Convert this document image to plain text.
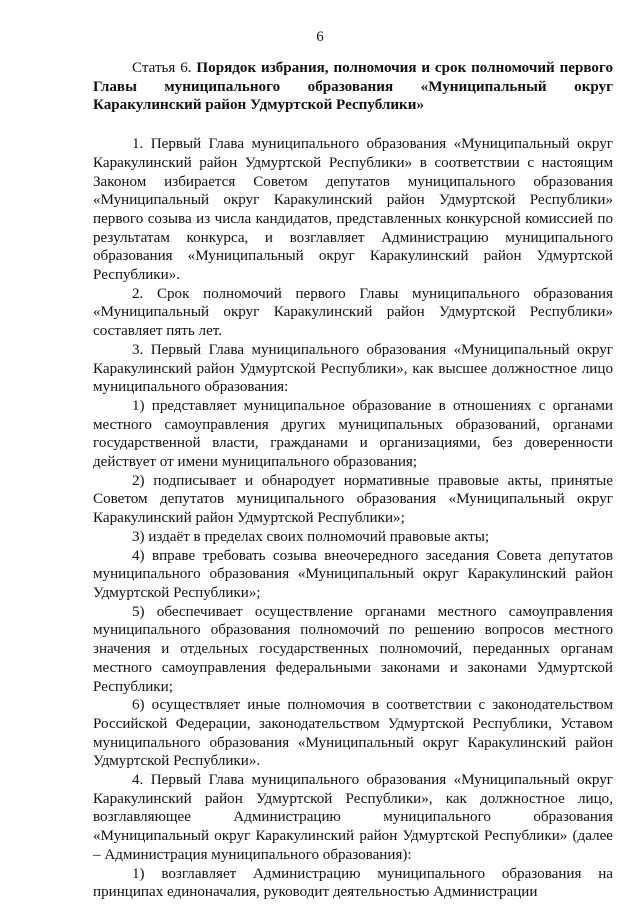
6

Статья 6. Порядок избрания, полномочия и срок полномочий первого Главы муниципального образования «Муниципальный округ Каракулинский район Удмуртской Республики»

1. Первый Глава муниципального образования «Муниципальный округ Каракулинский район Удмуртской Республики» в соответствии с настоящим Законом избирается Советом депутатов муниципального образования «Муниципальный округ Каракулинский район Удмуртской Республики» первого созыва из числа кандидатов, представленных конкурсной комиссией по результатам конкурса, и возглавляет Администрацию муниципального образования «Муниципальный округ Каракулинский район Удмуртской Республики».

2. Срок полномочий первого Главы муниципального образования «Муниципальный округ Каракулинский район Удмуртской Республики» составляет пять лет.

3. Первый Глава муниципального образования «Муниципальный округ Каракулинский район Удмуртской Республики», как высшее должностное лицо муниципального образования:

1) представляет муниципальное образование в отношениях с органами местного самоуправления других муниципальных образований, органами государственной власти, гражданами и организациями, без доверенности действует от имени муниципального образования;

2) подписывает и обнародует нормативные правовые акты, принятые Советом депутатов муниципального образования «Муниципальный округ Каракулинский район Удмуртской Республики»;

3) издаёт в пределах своих полномочий правовые акты;

4) вправе требовать созыва внеочередного заседания Совета депутатов муниципального образования «Муниципальный округ Каракулинский район Удмуртской Республики»;

5) обеспечивает осуществление органами местного самоуправления муниципального образования полномочий по решению вопросов местного значения и отдельных государственных полномочий, переданных органам местного самоуправления федеральными законами и законами Удмуртской Республики;

6) осуществляет иные полномочия в соответствии с законодательством Российской Федерации, законодательством Удмуртской Республики, Уставом муниципального образования «Муниципальный округ Каракулинский район Удмуртской Республики».

4. Первый Глава муниципального образования «Муниципальный округ Каракулинский район Удмуртской Республики», как должностное лицо, возглавляющее Администрацию муниципального образования «Муниципальный округ Каракулинский район Удмуртской Республики» (далее – Администрация муниципального образования):

1) возглавляет Администрацию муниципального образования на принципах единоначалия, руководит деятельностью Администрации
